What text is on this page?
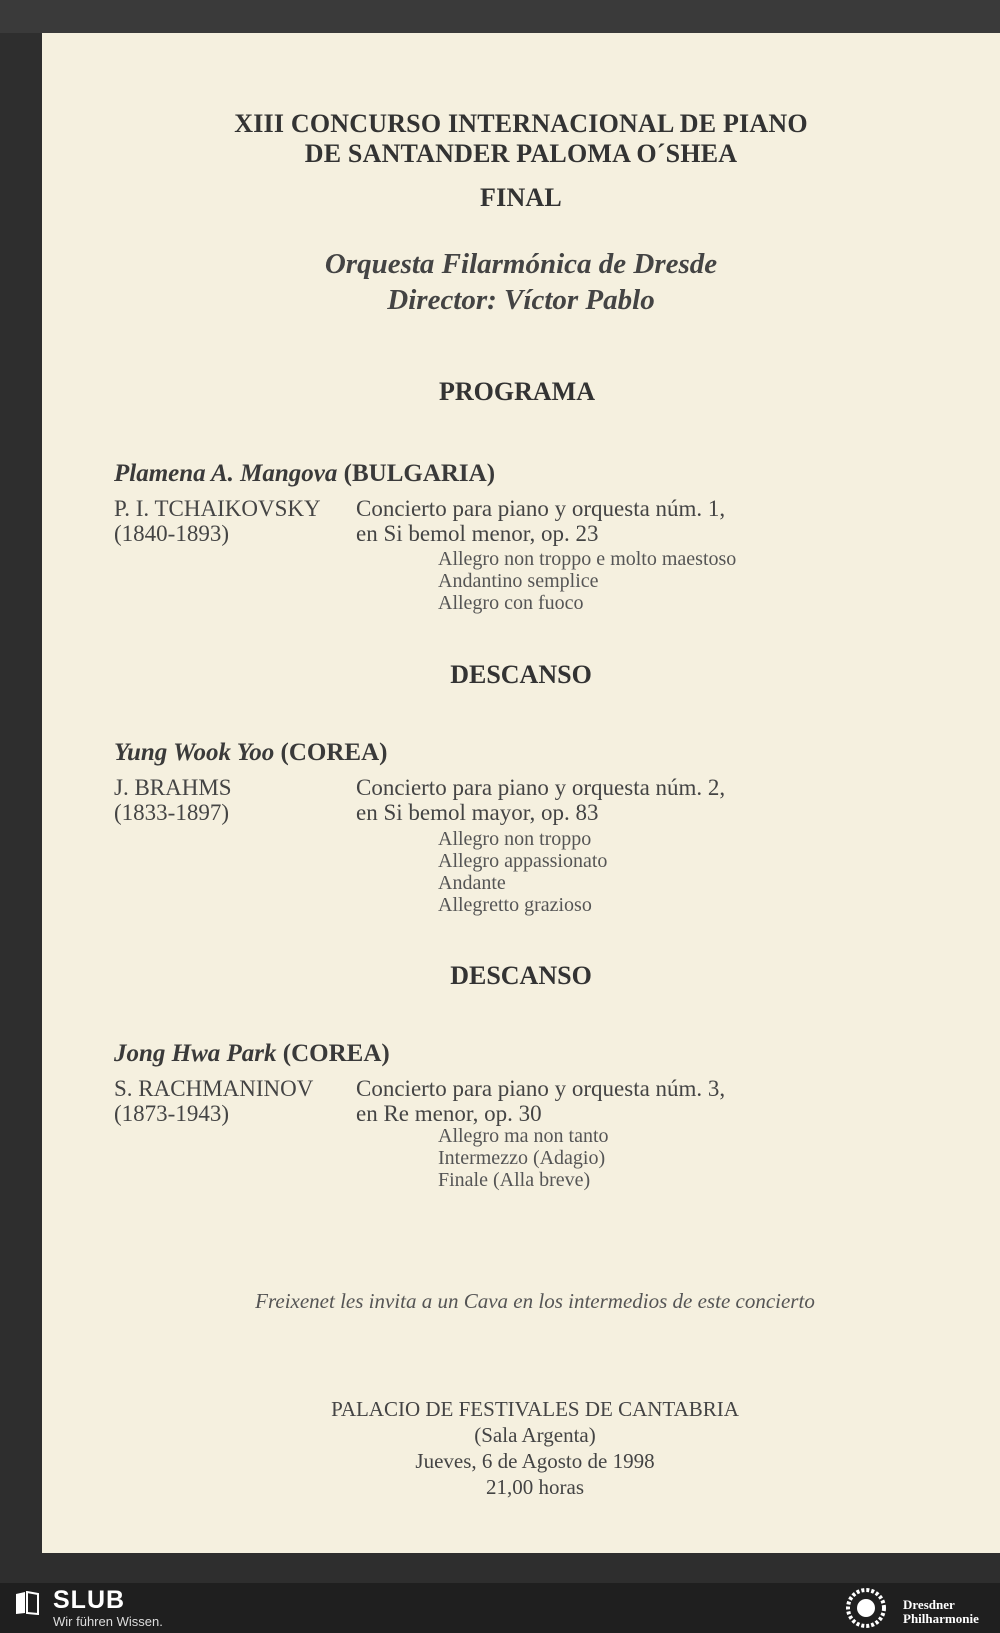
XIII CONCURSO INTERNACIONAL DE PIANO
DE SANTANDER PALOMA O´SHEA
FINAL
Orquesta Filarmónica de Dresde
Director: Víctor Pablo
PROGRAMA
Plamena A. Mangova (BULGARIA)
P. I. TCHAIKOVSKY
(1840-1893)
Concierto para piano y orquesta núm. 1,
en Si bemol menor, op. 23
Allegro non troppo e molto maestoso
Andantino semplice
Allegro con fuoco
DESCANSO
Yung Wook Yoo (COREA)
J. BRAHMS
(1833-1897)
Concierto para piano y orquesta núm. 2,
en Si bemol mayor, op. 83
Allegro non troppo
Allegro appassionato
Andante
Allegretto grazioso
DESCANSO
Jong Hwa Park (COREA)
S. RACHMANINOV
(1873-1943)
Concierto para piano y orquesta núm. 3,
en Re menor, op. 30
Allegro ma non tanto
Intermezzo (Adagio)
Finale (Alla breve)
Freixenet les invita a un Cava en los intermedios de este concierto
PALACIO DE FESTIVALES DE CANTABRIA
(Sala Argenta)
Jueves, 6 de Agosto de 1998
21,00 horas
SLUB
Wir führen Wissen.
Dresdner
Philharmonie
